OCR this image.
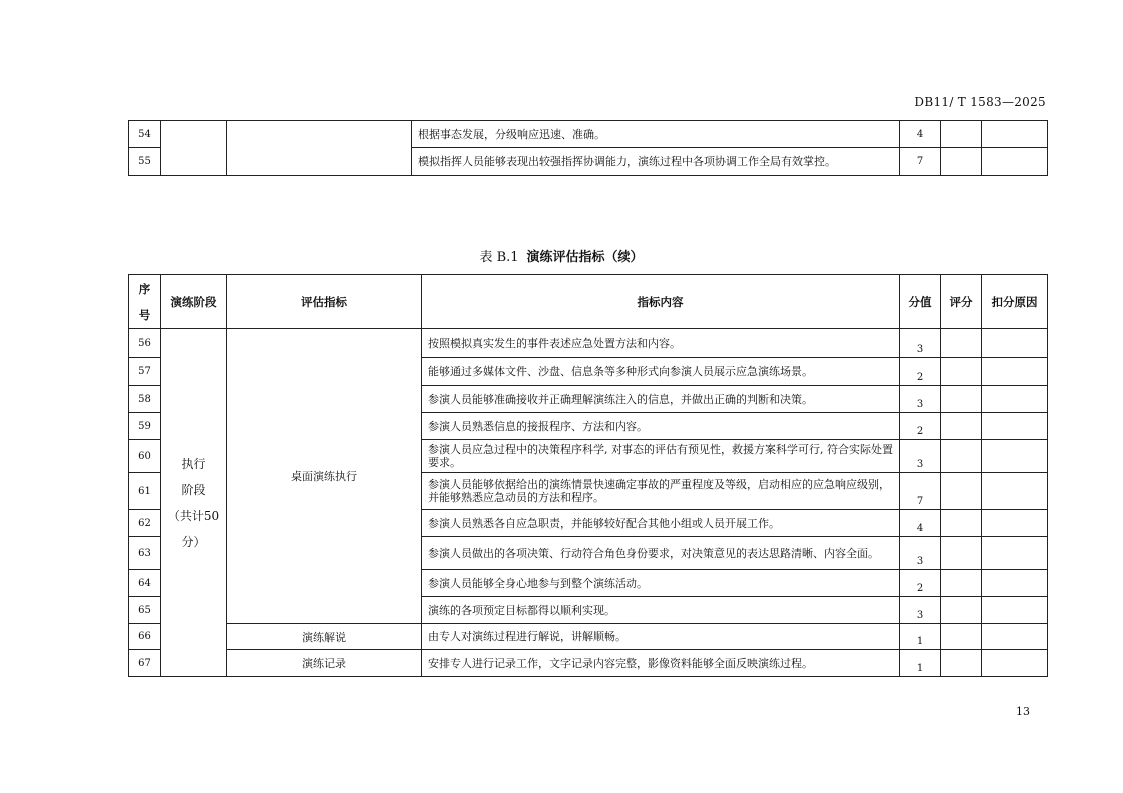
DB11/ T 1583—2025
54			根据事态发展，分级响应迅速、准确。	4		
55			模拟指挥人员能够表现出较强指挥协调能力，演练过程中各项协调工作全局有效掌控。	7		
表 B.1 演练评估指标（续）
序
号	演练阶段	评估指标	指标内容	分值	评分	扣分原因
56	执行
阶段
（共计50
分）	桌面演练执行	按照模拟真实发生的事件表述应急处置方法和内容。	3		
57			能够通过多媒体文件、沙盘、信息条等多种形式向参演人员展示应急演练场景。	2		
58			参演人员能够准确接收并正确理解演练注入的信息，并做出正确的判断和决策。	3		
59			参演人员熟悉信息的接报程序、方法和内容。	2		
60			参演人员应急过程中的决策程序科学, 对事态的评估有预见性，救援方案科学可行, 符合实际处置要求。	3		
61			参演人员能够依据给出的演练情景快速确定事故的严重程度及等级，启动相应的应急响应级别，并能够熟悉应急动员的方法和程序。	7		
62			参演人员熟悉各自应急职责，并能够较好配合其他小组或人员开展工作。	4		
63			参演人员做出的各项决策、行动符合角色身份要求，对决策意见的表达思路清晰、内容全面。	3		
64			参演人员能够全身心地参与到整个演练活动。	2		
65			演练的各项预定目标都得以顺利实现。	3		
66		演练解说	由专人对演练过程进行解说，讲解顺畅。	1		
67		演练记录	安排专人进行记录工作，文字记录内容完整，影像资料能够全面反映演练过程。	1		
13
